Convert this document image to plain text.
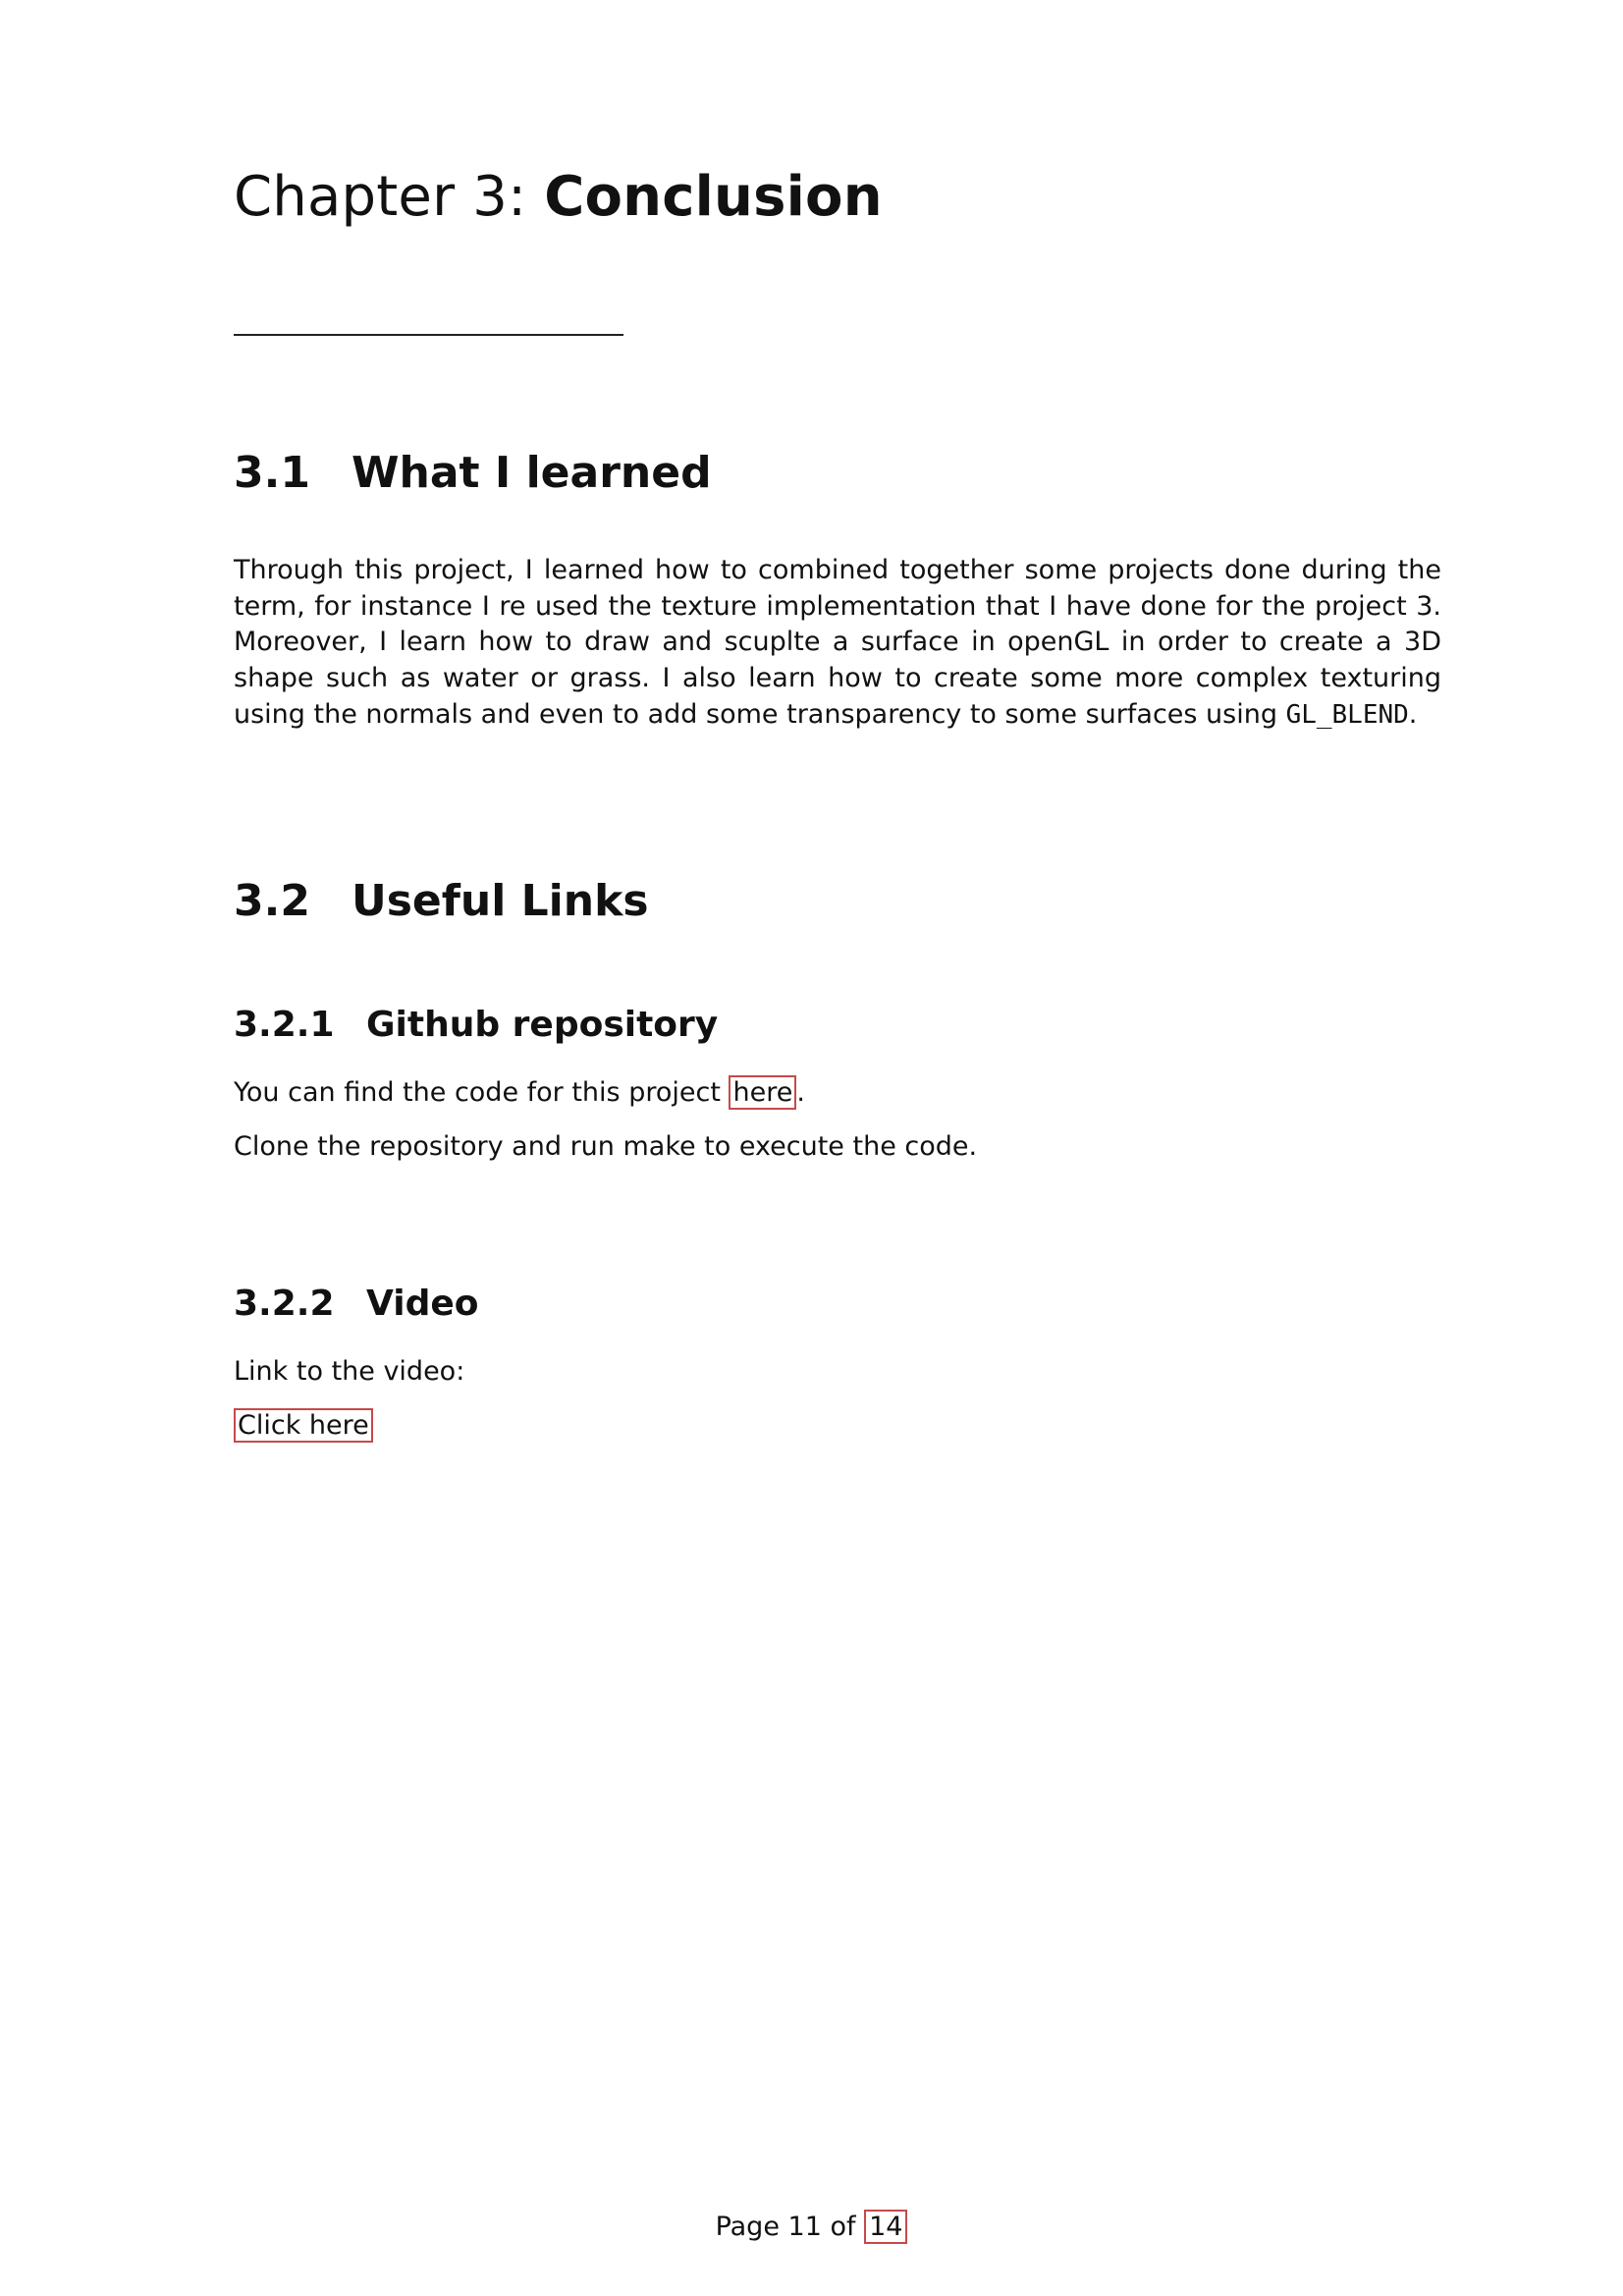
Chapter 3: Conclusion
3.1 What I learned

Through this project, I learned how to combined together some projects done during the term, for instance I re used the texture implementation that I have done for the project 3. Moreover, I learn how to draw and scuplte a surface in openGL in order to create a 3D shape such as water or grass. I also learn how to create some more complex texturing using the normals and even to add some transparency to some surfaces using GL_BLEND.

3.2 Useful Links
3.2.1 Github repository

You can find the code for this project here .

Clone the repository and run make to execute the code.

3.2.2 Video

Link to the video:

Click here

Page 11 of 14
